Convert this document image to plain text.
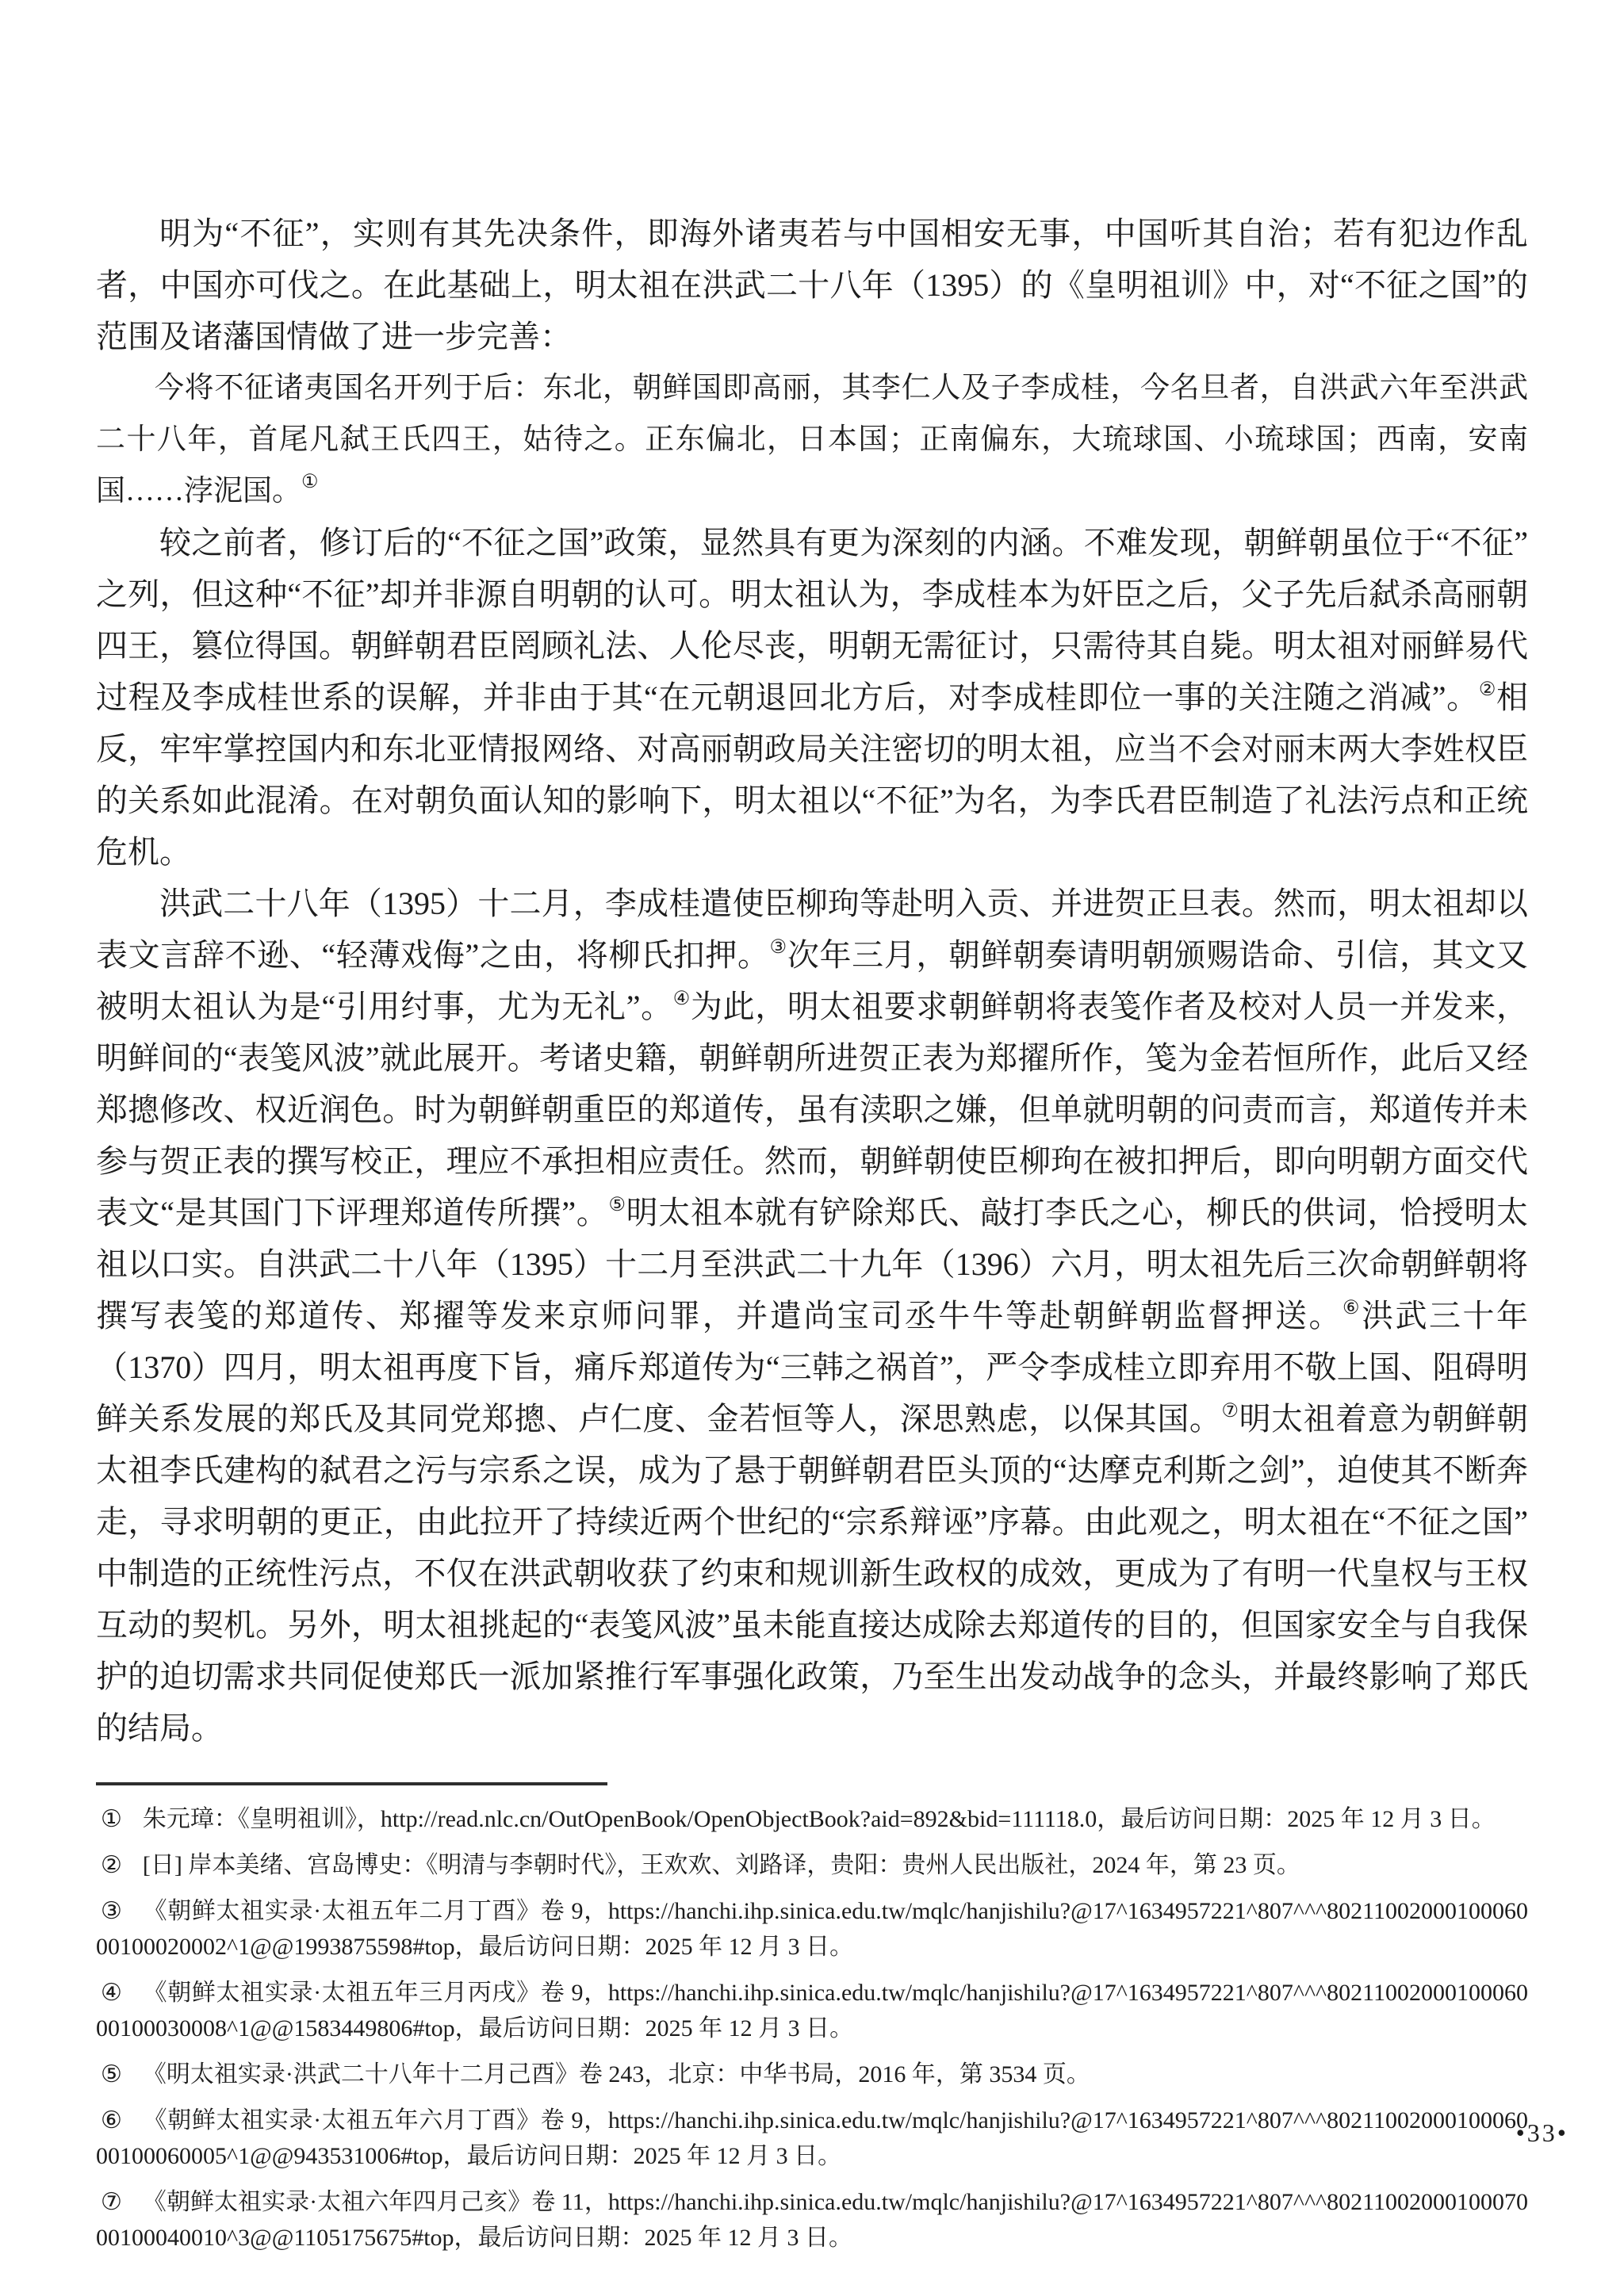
明为“不征”，实则有其先决条件，即海外诸夷若与中国相安无事，中国听其自治；若有犯边作乱者，中国亦可伐之。在此基础上，明太祖在洪武二十八年（1395）的《皇明祖训》中，对“不征之国”的范围及诸藩国情做了进一步完善：

今将不征诸夷国名开列于后：东北，朝鲜国即高丽，其李仁人及子李成桂，今名旦者，自洪武六年至洪武二十八年，首尾凡弑王氏四王，姑待之。正东偏北，日本国；正南偏东，大琉球国、小琉球国；西南，安南国……浡泥国。①

较之前者，修订后的“不征之国”政策，显然具有更为深刻的内涵。不难发现，朝鲜朝虽位于“不征”之列，但这种“不征”却并非源自明朝的认可。明太祖认为，李成桂本为奸臣之后，父子先后弑杀高丽朝四王，篡位得国。朝鲜朝君臣罔顾礼法、人伦尽丧，明朝无需征讨，只需待其自毙。明太祖对丽鲜易代过程及李成桂世系的误解，并非由于其“在元朝退回北方后，对李成桂即位一事的关注随之消减”。②相反，牢牢掌控国内和东北亚情报网络、对高丽朝政局关注密切的明太祖，应当不会对丽末两大李姓权臣的关系如此混淆。在对朝负面认知的影响下，明太祖以“不征”为名，为李氏君臣制造了礼法污点和正统危机。

洪武二十八年（1395）十二月，李成桂遣使臣柳玽等赴明入贡、并进贺正旦表。然而，明太祖却以表文言辞不逊、“轻薄戏侮”之由，将柳氏扣押。③次年三月，朝鲜朝奏请明朝颁赐诰命、引信，其文又被明太祖认为是“引用纣事，尤为无礼”。④为此，明太祖要求朝鲜朝将表笺作者及校对人员一并发来，明鲜间的“表笺风波”就此展开。考诸史籍，朝鲜朝所进贺正表为郑擢所作，笺为金若恒所作，此后又经郑摠修改、权近润色。时为朝鲜朝重臣的郑道传，虽有渎职之嫌，但单就明朝的问责而言，郑道传并未参与贺正表的撰写校正，理应不承担相应责任。然而，朝鲜朝使臣柳玽在被扣押后，即向明朝方面交代表文“是其国门下评理郑道传所撰”。⑤明太祖本就有铲除郑氏、敲打李氏之心，柳氏的供词，恰授明太祖以口实。自洪武二十八年（1395）十二月至洪武二十九年（1396）六月，明太祖先后三次命朝鲜朝将撰写表笺的郑道传、郑擢等发来京师问罪，并遣尚宝司丞牛牛等赴朝鲜朝监督押送。⑥洪武三十年（1370）四月，明太祖再度下旨，痛斥郑道传为“三韩之祸首”，严令李成桂立即弃用不敬上国、阻碍明鲜关系发展的郑氏及其同党郑摠、卢仁度、金若恒等人，深思熟虑，以保其国。⑦明太祖着意为朝鲜朝太祖李氏建构的弑君之污与宗系之误，成为了悬于朝鲜朝君臣头顶的“达摩克利斯之剑”，迫使其不断奔走，寻求明朝的更正，由此拉开了持续近两个世纪的“宗系辩诬”序幕。由此观之，明太祖在“不征之国”中制造的正统性污点，不仅在洪武朝收获了约束和规训新生政权的成效，更成为了有明一代皇权与王权互动的契机。另外，明太祖挑起的“表笺风波”虽未能直接达成除去郑道传的目的，但国家安全与自我保护的迫切需求共同促使郑氏一派加紧推行军事强化政策，乃至生出发动战争的念头，并最终影响了郑氏的结局。

① 朱元璋：《皇明祖训》，http://read.nlc.cn/OutOpenBook/OpenObjectBook?aid=892&bid=111118.0，最后访问日期：2025 年 12 月 3 日。
② [日] 岸本美绪、宫岛博史：《明清与李朝时代》，王欢欢、刘路译，贵阳：贵州人民出版社，2024 年，第 23 页。
③ 《朝鲜太祖实录·太祖五年二月丁酉》卷 9，https://hanchi.ihp.sinica.edu.tw/mqlc/hanjishilu?@17^1634957221^807^^^8021100200010006000100020002^1@@1993875598#top，最后访问日期：2025 年 12 月 3 日。
④ 《朝鲜太祖实录·太祖五年三月丙戌》卷 9，https://hanchi.ihp.sinica.edu.tw/mqlc/hanjishilu?@17^1634957221^807^^^8021100200010006000100030008^1@@1583449806#top，最后访问日期：2025 年 12 月 3 日。
⑤ 《明太祖实录·洪武二十八年十二月己酉》卷 243，北京：中华书局，2016 年，第 3534 页。
⑥ 《朝鲜太祖实录·太祖五年六月丁酉》卷 9，https://hanchi.ihp.sinica.edu.tw/mqlc/hanjishilu?@17^1634957221^807^^^8021100200010006000100060005^1@@943531006#top，最后访问日期：2025 年 12 月 3 日。
⑦ 《朝鲜太祖实录·太祖六年四月己亥》卷 11，https://hanchi.ihp.sinica.edu.tw/mqlc/hanjishilu?@17^1634957221^807^^^8021100200010007000100040010^3@@1105175675#top，最后访问日期：2025 年 12 月 3 日。
•33•
